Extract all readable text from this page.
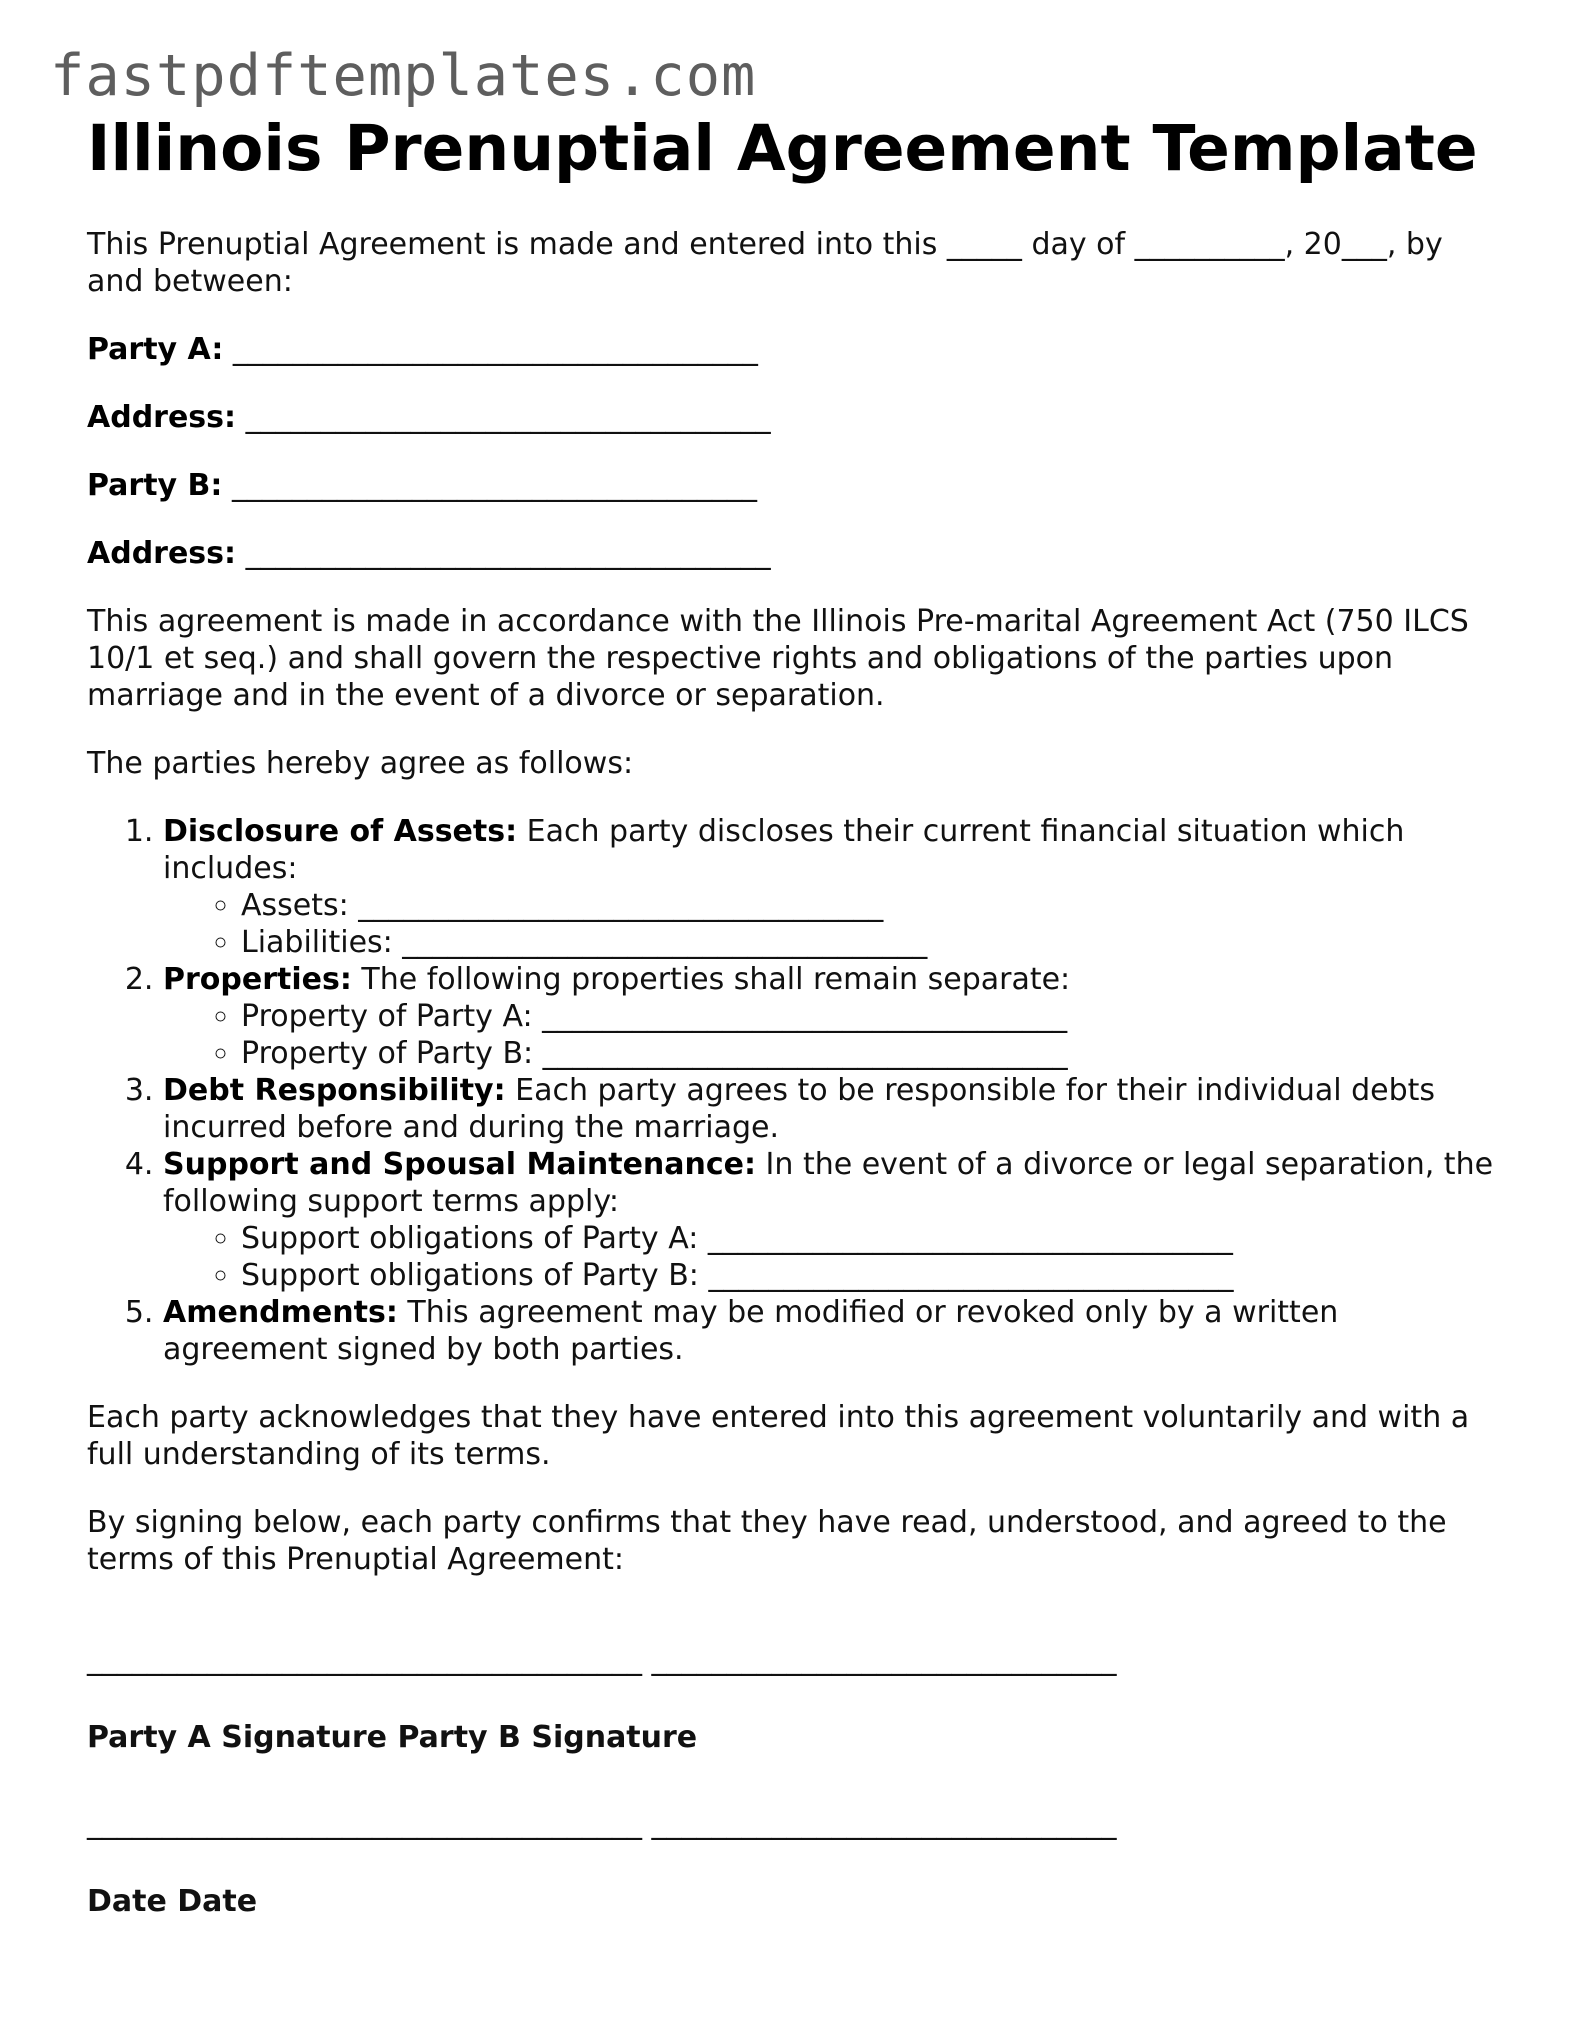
fastpdftemplates.com
Illinois Prenuptial Agreement Template

This Prenuptial Agreement is made and entered into this _____ day of __________, 20___, by and between:

Party A: ___________________________________
Address: ___________________________________
Party B: ___________________________________
Address: ___________________________________

This agreement is made in accordance with the Illinois Pre-marital Agreement Act (750 ILCS 10/1 et seq.) and shall govern the respective rights and obligations of the parties upon marriage and in the event of a divorce or separation.

The parties hereby agree as follows:

1. Disclosure of Assets: Each party discloses their current financial situation which includes:
◦ Assets: ___________________________________
◦ Liabilities: ___________________________________
2. Properties: The following properties shall remain separate:
◦ Property of Party A: ___________________________________
◦ Property of Party B: ___________________________________
3. Debt Responsibility: Each party agrees to be responsible for their individual debts incurred before and during the marriage.
4. Support and Spousal Maintenance: In the event of a divorce or legal separation, the following support terms apply:
◦ Support obligations of Party A: ___________________________________
◦ Support obligations of Party B: ___________________________________
5. Amendments: This agreement may be modified or revoked only by a written agreement signed by both parties.

Each party acknowledges that they have entered into this agreement voluntarily and with a full understanding of its terms.

By signing below, each party confirms that they have read, understood, and agreed to the terms of this Prenuptial Agreement:

_____________________________________ _______________________________
Party A Signature Party B Signature
_____________________________________ _______________________________
Date Date
